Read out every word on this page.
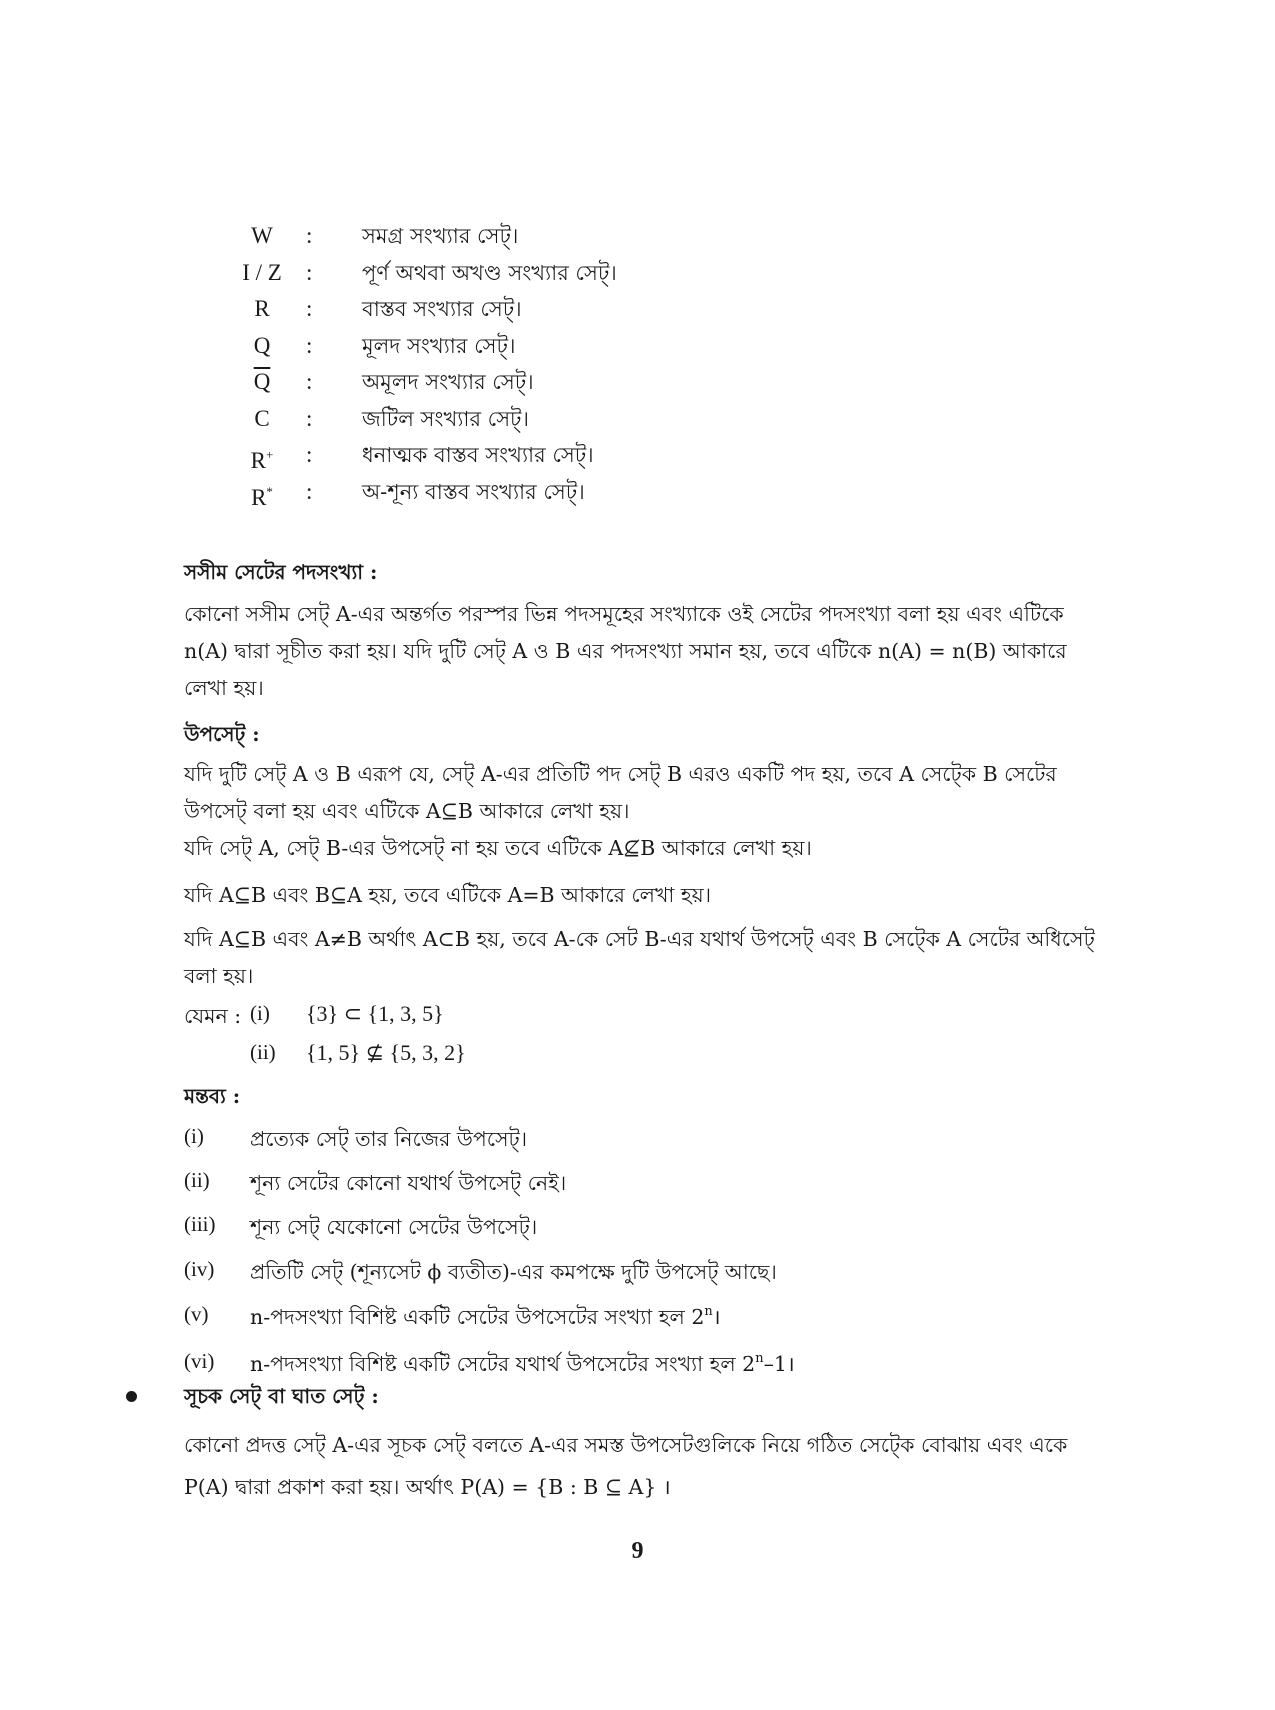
W	: সমগ্র সংখ্যার সেট্।
I / Z : পূর্ণ অথবা অখণ্ড সংখ্যার সেট্।
R	: বাস্তব সংখ্যার সেট্।
Q	: মূলদ সংখ্যার সেট্।
$\overline{Q}$	: অমূলদ সংখ্যার সেট্।
C	: জটিল সংখ্যার সেট্।
R+	: ধনাত্মক বাস্তব সংখ্যার সেট্।
R*	: অ-শূন্য বাস্তব সংখ্যার সেট্।
সসীম সেটের পদসংখ্যা :
কোনো সসীম সেট্ A-এর অন্তর্গত পরস্পর ভিন্ন পদসমূহের সংখ্যাকে ওই সেটের পদসংখ্যা বলা হয় এবং এটিকে
n(A) দ্বারা সূচীত করা হয়। যদি দুটি সেট্ A ও B এর পদসংখ্যা সমান হয়, তবে এটিকে n(A) = n(B) আকারে
লেখা হয়।
উপসেট্ :
যদি দুটি সেট্ A ও B এরূপ যে, সেট্ A-এর প্রতিটি পদ সেট্ B এরও একটি পদ হয়, তবে A সেট্কে B সেটের
উপসেট্ বলা হয় এবং এটিকে A⊆B আকারে লেখা হয়।
যদি সেট্ A, সেট্ B-এর উপসেট্ না হয় তবে এটিকে A⊈B আকারে লেখা হয়।
যদি A⊆B এবং B⊆A হয়, তবে এটিকে A=B আকারে লেখা হয়।
যদি A⊆B এবং A≠B অর্থাৎ A⊂B হয়, তবে A-কে সেট B-এর যথার্থ উপসেট্ এবং B সেট্কে A সেটের অধিসেট্
বলা হয়।
যেমন : (i) {3} ⊂ {1, 3, 5}
(ii) {1, 5} ⊈ {5, 3, 2}
মন্তব্য :
(i) প্রত্যেক সেট্ তার নিজের উপসেট্।
(ii) শূন্য সেটের কোনো যথার্থ উপসেট্ নেই।
(iii) শূন্য সেট্ যেকোনো সেটের উপসেট্।
(iv) প্রতিটি সেট্ (শূন্যসেট ϕ ব্যতীত)-এর কমপক্ষে দুটি উপসেট্ আছে।
(v) n-পদসংখ্যা বিশিষ্ট একটি সেটের উপসেটের সংখ্যা হল 2$^n$।
(vi) n-পদসংখ্যা বিশিষ্ট একটি সেটের যথার্থ উপসেটের সংখ্যা হল 2$^n$–1।
সূচক সেট্ বা ঘাত সেট্ :
কোনো প্রদত্ত সেট্ A-এর সূচক সেট্ বলতে A-এর সমস্ত উপসেটগুলিকে নিয়ে গঠিত সেট্কে বোঝায় এবং একে
P(A) দ্বারা প্রকাশ করা হয়। অর্থাৎ P(A) = {B : B ⊆ A} ।
9
